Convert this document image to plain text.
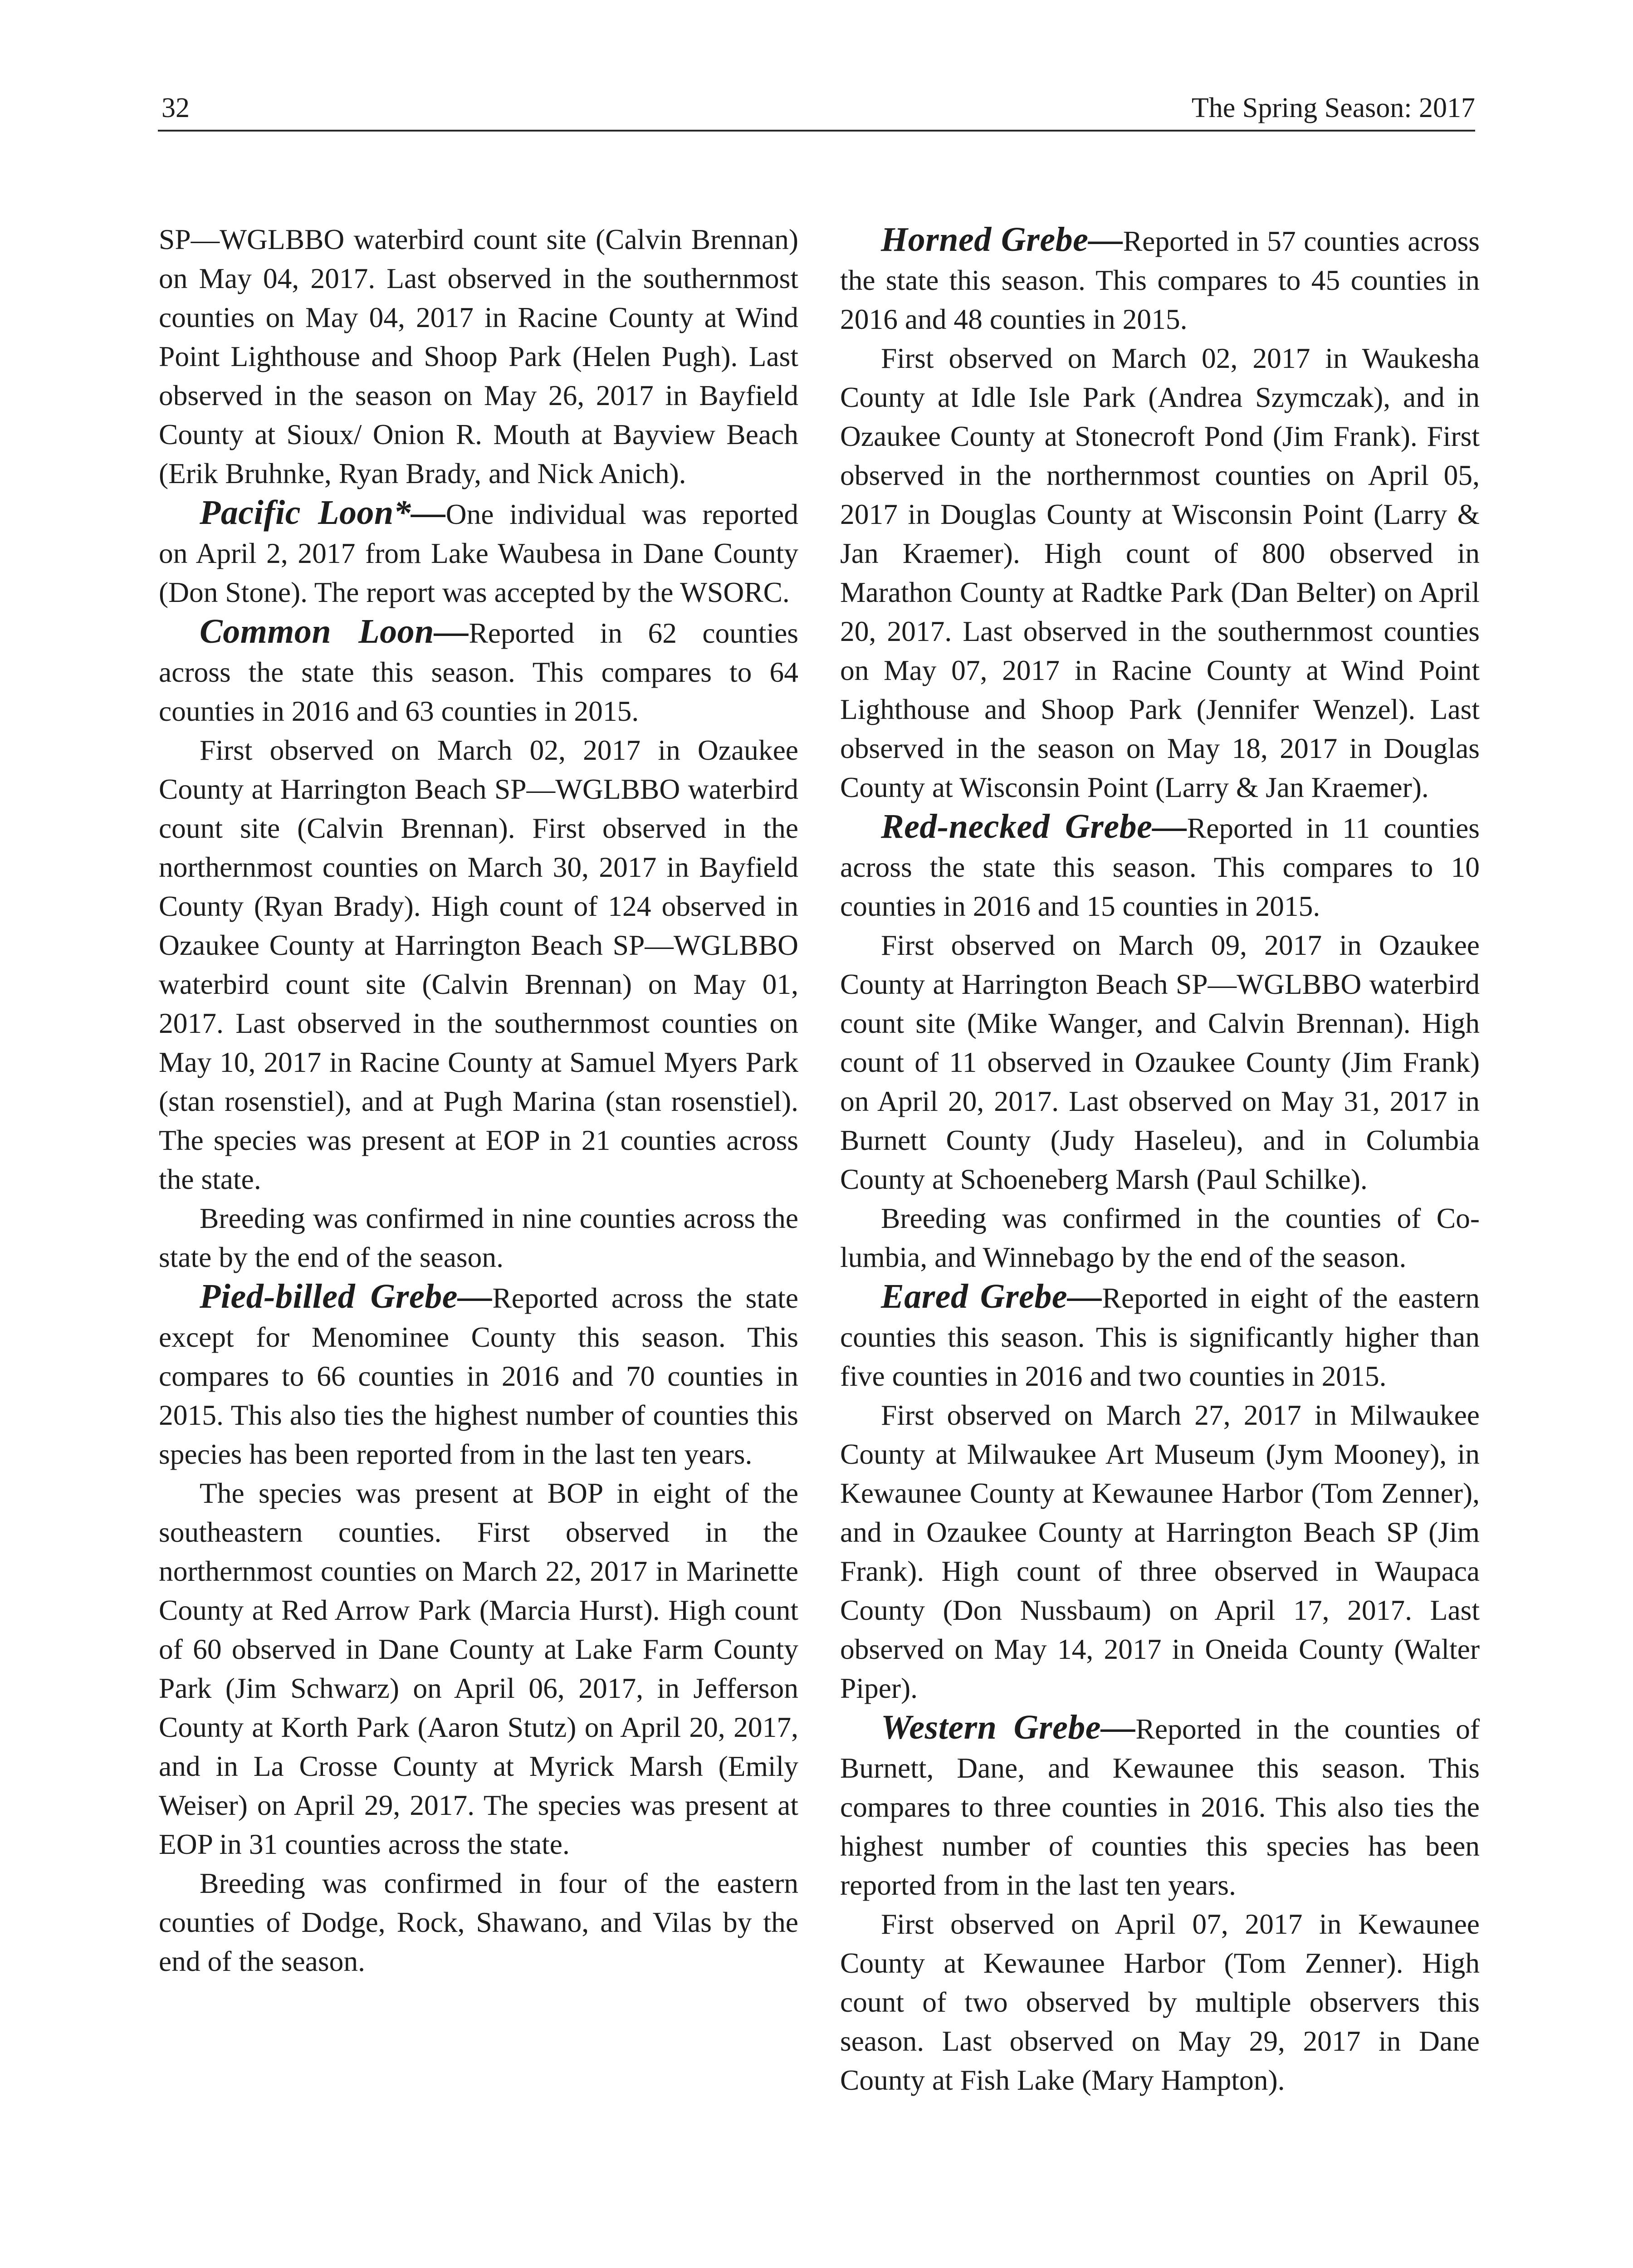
32	The Spring Season: 2017

SP—WGLBBO waterbird count site (Calvin Brennan) on May 04, 2017. Last observed in the southernmost counties on May 04, 2017 in Racine County at Wind Point Lighthouse and Shoop Park (Helen Pugh). Last observed in the season on May 26, 2017 in Bayfield County at Sioux/ Onion R. Mouth at Bayview Beach (Erik Bruhnke, Ryan Brady, and Nick Anich).

Pacific Loon*—One individual was reported on April 2, 2017 from Lake Waubesa in Dane County (Don Stone). The report was accepted by the WSORC.

Common Loon—Reported in 62 counties across the state this season. This compares to 64 counties in 2016 and 63 counties in 2015.

First observed on March 02, 2017 in Ozaukee County at Harrington Beach SP—WGLBBO waterbird count site (Calvin Brennan). First observed in the northernmost counties on March 30, 2017 in Bayfield County (Ryan Brady). High count of 124 observed in Ozaukee County at Harrington Beach SP—WGLBBO waterbird count site (Calvin Brennan) on May 01, 2017. Last observed in the southernmost counties on May 10, 2017 in Racine County at Samuel Myers Park (stan rosenstiel), and at Pugh Marina (stan rosenstiel). The species was present at EOP in 21 counties across the state.

Breeding was confirmed in nine counties across the state by the end of the season.

Pied-billed Grebe—Reported across the state except for Menominee County this season. This compares to 66 counties in 2016 and 70 counties in 2015. This also ties the highest number of counties this species has been reported from in the last ten years.

The species was present at BOP in eight of the southeastern counties. First observed in the northernmost counties on March 22, 2017 in Marinette County at Red Arrow Park (Marcia Hurst). High count of 60 observed in Dane County at Lake Farm County Park (Jim Schwarz) on April 06, 2017, in Jefferson County at Korth Park (Aaron Stutz) on April 20, 2017, and in La Crosse County at Myrick Marsh (Emily Weiser) on April 29, 2017. The species was present at EOP in 31 counties across the state.

Breeding was confirmed in four of the eastern counties of Dodge, Rock, Shawano, and Vilas by the end of the season.

Horned Grebe—Reported in 57 counties across the state this season. This compares to 45 counties in 2016 and 48 counties in 2015.

First observed on March 02, 2017 in Waukesha County at Idle Isle Park (Andrea Szymczak), and in Ozaukee County at Stonecroft Pond (Jim Frank). First observed in the northernmost counties on April 05, 2017 in Douglas County at Wisconsin Point (Larry & Jan Kraemer). High count of 800 observed in Marathon County at Radtke Park (Dan Belter) on April 20, 2017. Last observed in the southernmost counties on May 07, 2017 in Racine County at Wind Point Lighthouse and Shoop Park (Jennifer Wenzel). Last observed in the season on May 18, 2017 in Douglas County at Wisconsin Point (Larry & Jan Kraemer).

Red-necked Grebe—Reported in 11 counties across the state this season. This compares to 10 counties in 2016 and 15 counties in 2015.

First observed on March 09, 2017 in Ozaukee County at Harrington Beach SP—WGLBBO waterbird count site (Mike Wanger, and Calvin Brennan). High count of 11 observed in Ozaukee County (Jim Frank) on April 20, 2017. Last observed on May 31, 2017 in Burnett County (Judy Haseleu), and in Columbia County at Schoeneberg Marsh (Paul Schilke).

Breeding was confirmed in the counties of Columbia, and Winnebago by the end of the season.

Eared Grebe—Reported in eight of the eastern counties this season. This is significantly higher than five counties in 2016 and two counties in 2015.

First observed on March 27, 2017 in Milwaukee County at Milwaukee Art Museum (Jym Mooney), in Kewaunee County at Kewaunee Harbor (Tom Zenner), and in Ozaukee County at Harrington Beach SP (Jim Frank). High count of three observed in Waupaca County (Don Nussbaum) on April 17, 2017. Last observed on May 14, 2017 in Oneida County (Walter Piper).

Western Grebe—Reported in the counties of Burnett, Dane, and Kewaunee this season. This compares to three counties in 2016. This also ties the highest number of counties this species has been reported from in the last ten years.

First observed on April 07, 2017 in Kewaunee County at Kewaunee Harbor (Tom Zenner). High count of two observed by multiple observers this season. Last observed on May 29, 2017 in Dane County at Fish Lake (Mary Hampton).
